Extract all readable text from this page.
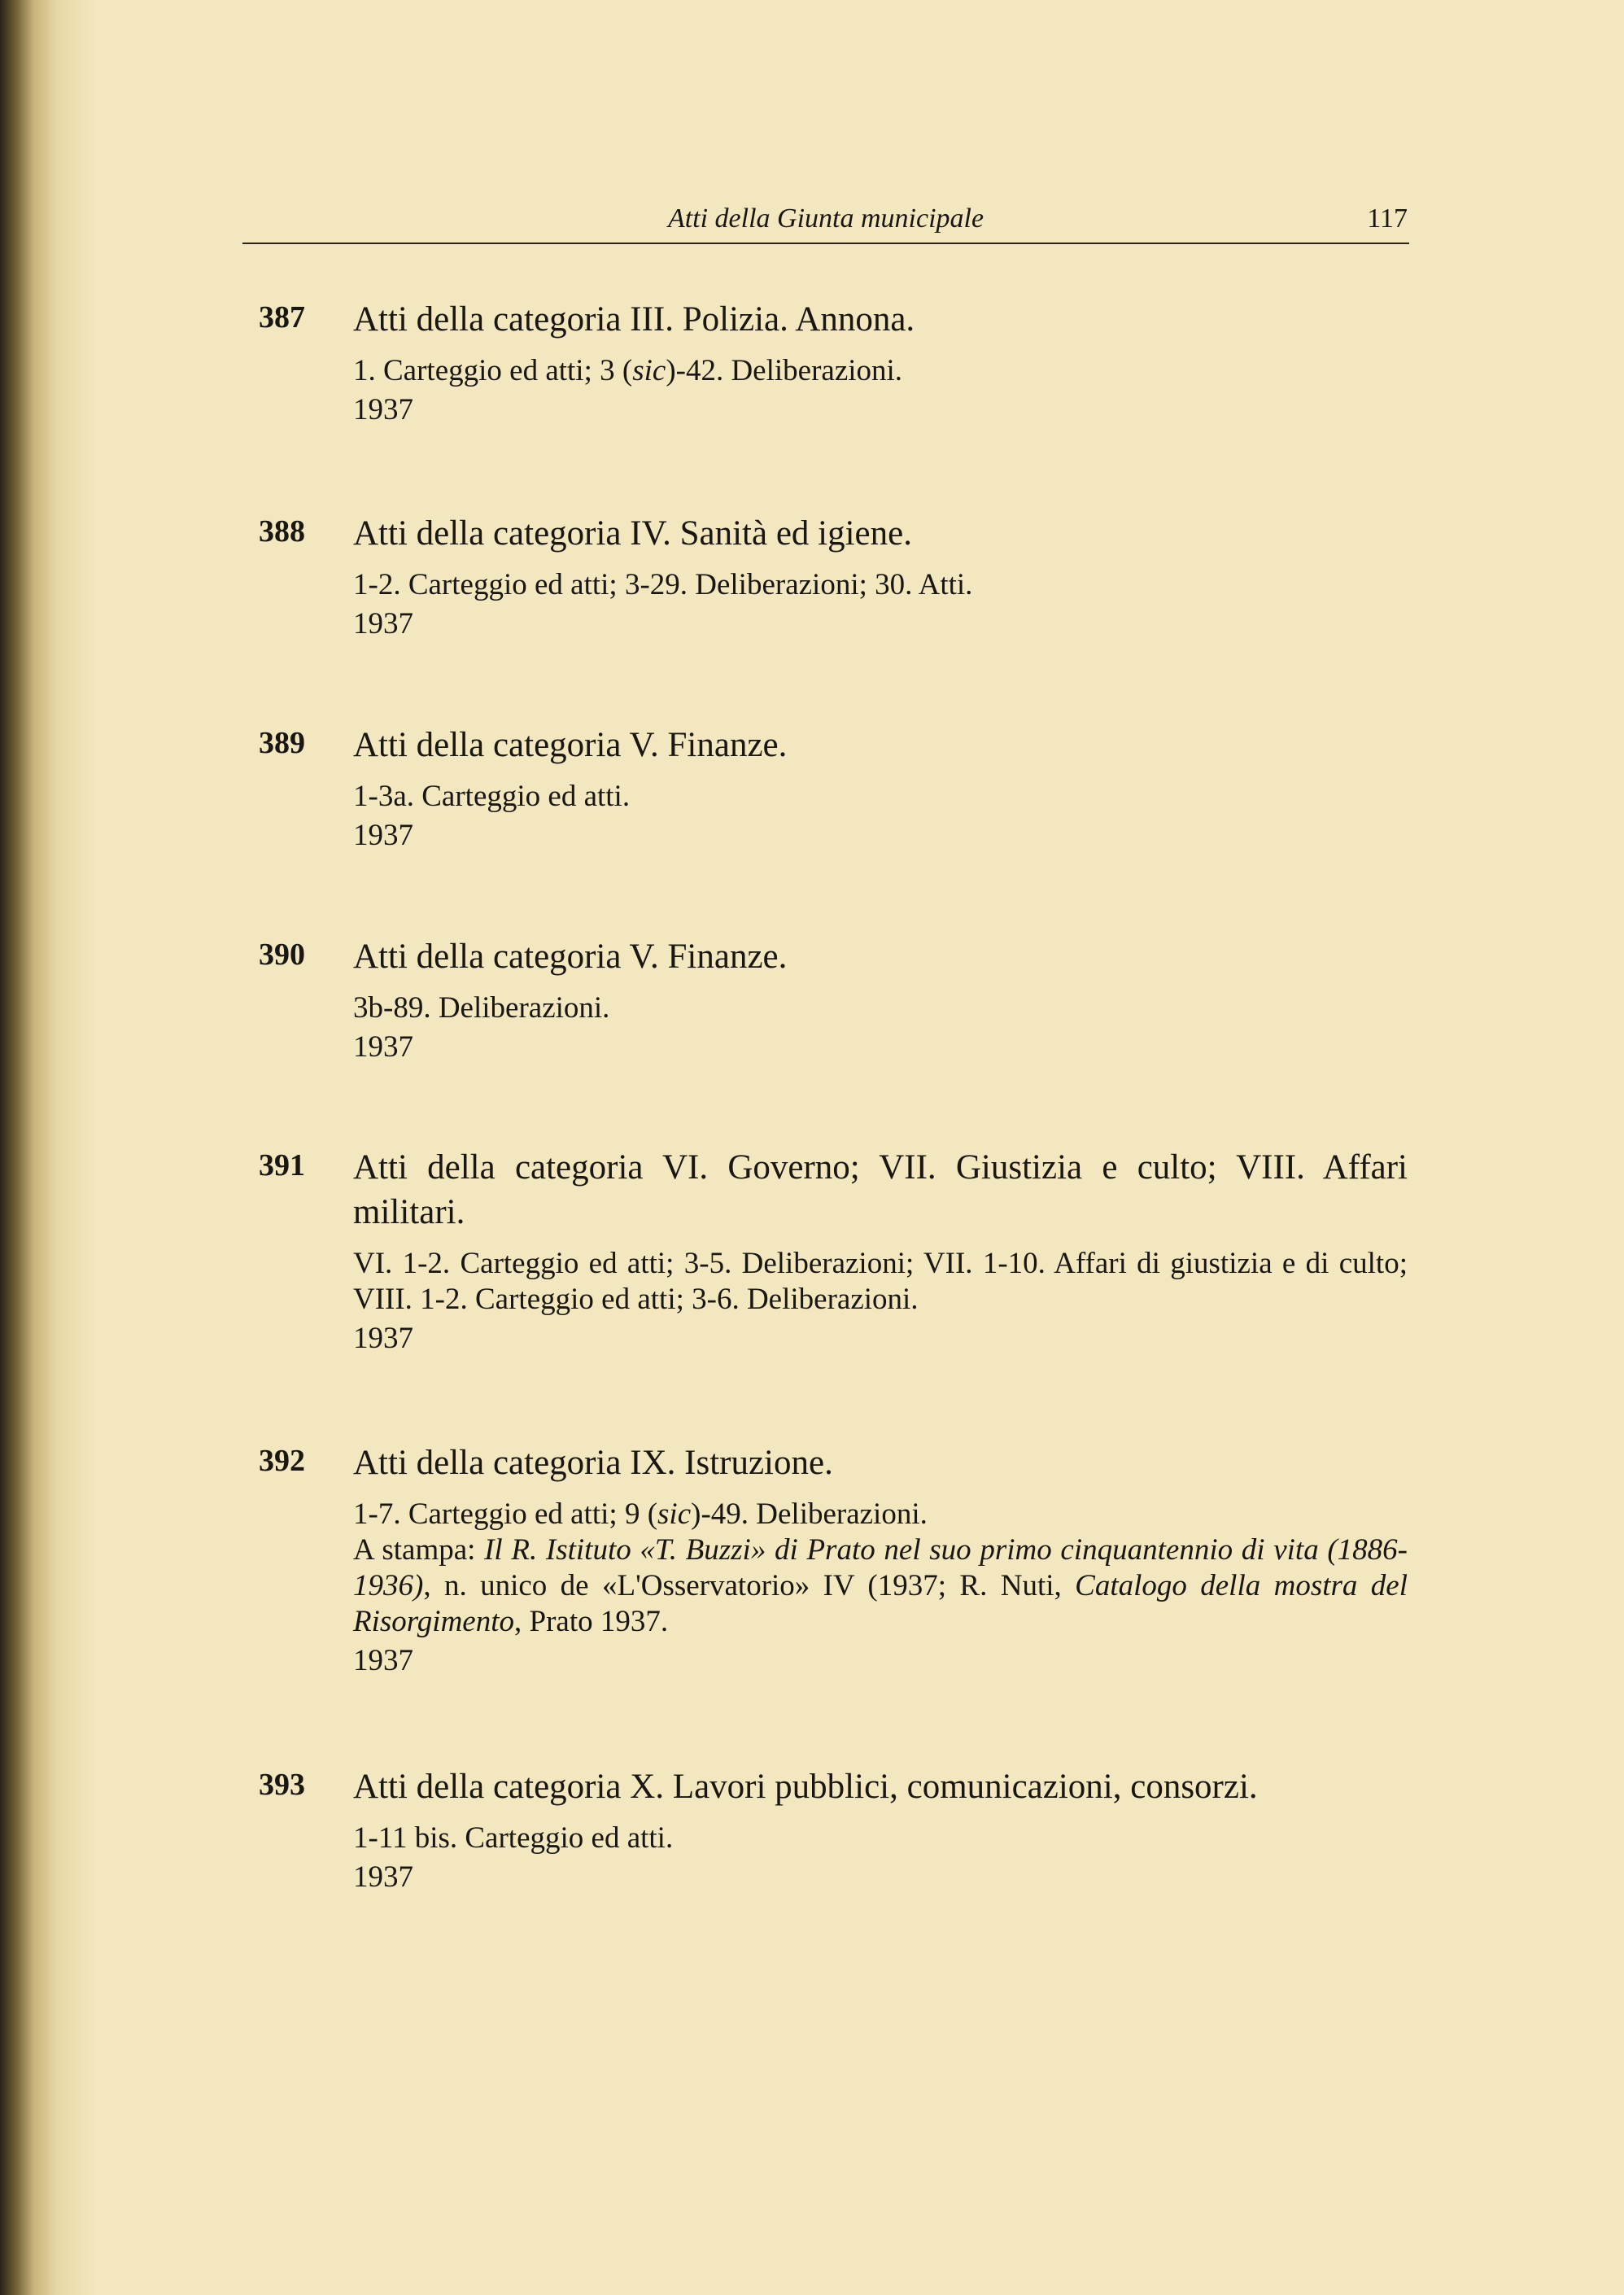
Atti della Giunta municipale	117
387 Atti della categoria III. Polizia. Annona.
1. Carteggio ed atti; 3 (sic)-42. Deliberazioni.
1937
388 Atti della categoria IV. Sanità ed igiene.
1-2. Carteggio ed atti; 3-29. Deliberazioni; 30. Atti.
1937
389 Atti della categoria V. Finanze.
1-3a. Carteggio ed atti.
1937
390 Atti della categoria V. Finanze.
3b-89. Deliberazioni.
1937
391 Atti della categoria VI. Governo; VII. Giustizia e culto; VIII. Affari militari.
VI. 1-2. Carteggio ed atti; 3-5. Deliberazioni; VII. 1-10. Affari di giustizia e di culto; VIII. 1-2. Carteggio ed atti; 3-6. Deliberazioni.
1937
392 Atti della categoria IX. Istruzione.
1-7. Carteggio ed atti; 9 (sic)-49. Deliberazioni.
A stampa: Il R. Istituto «T. Buzzi» di Prato nel suo primo cinquantennio di vita (1886-1936), n. unico de «L'Osservatorio» IV (1937; R. Nuti, Catalogo della mostra del Risorgimento, Prato 1937.
1937
393 Atti della categoria X. Lavori pubblici, comunicazioni, consorzi.
1-11 bis. Carteggio ed atti.
1937
